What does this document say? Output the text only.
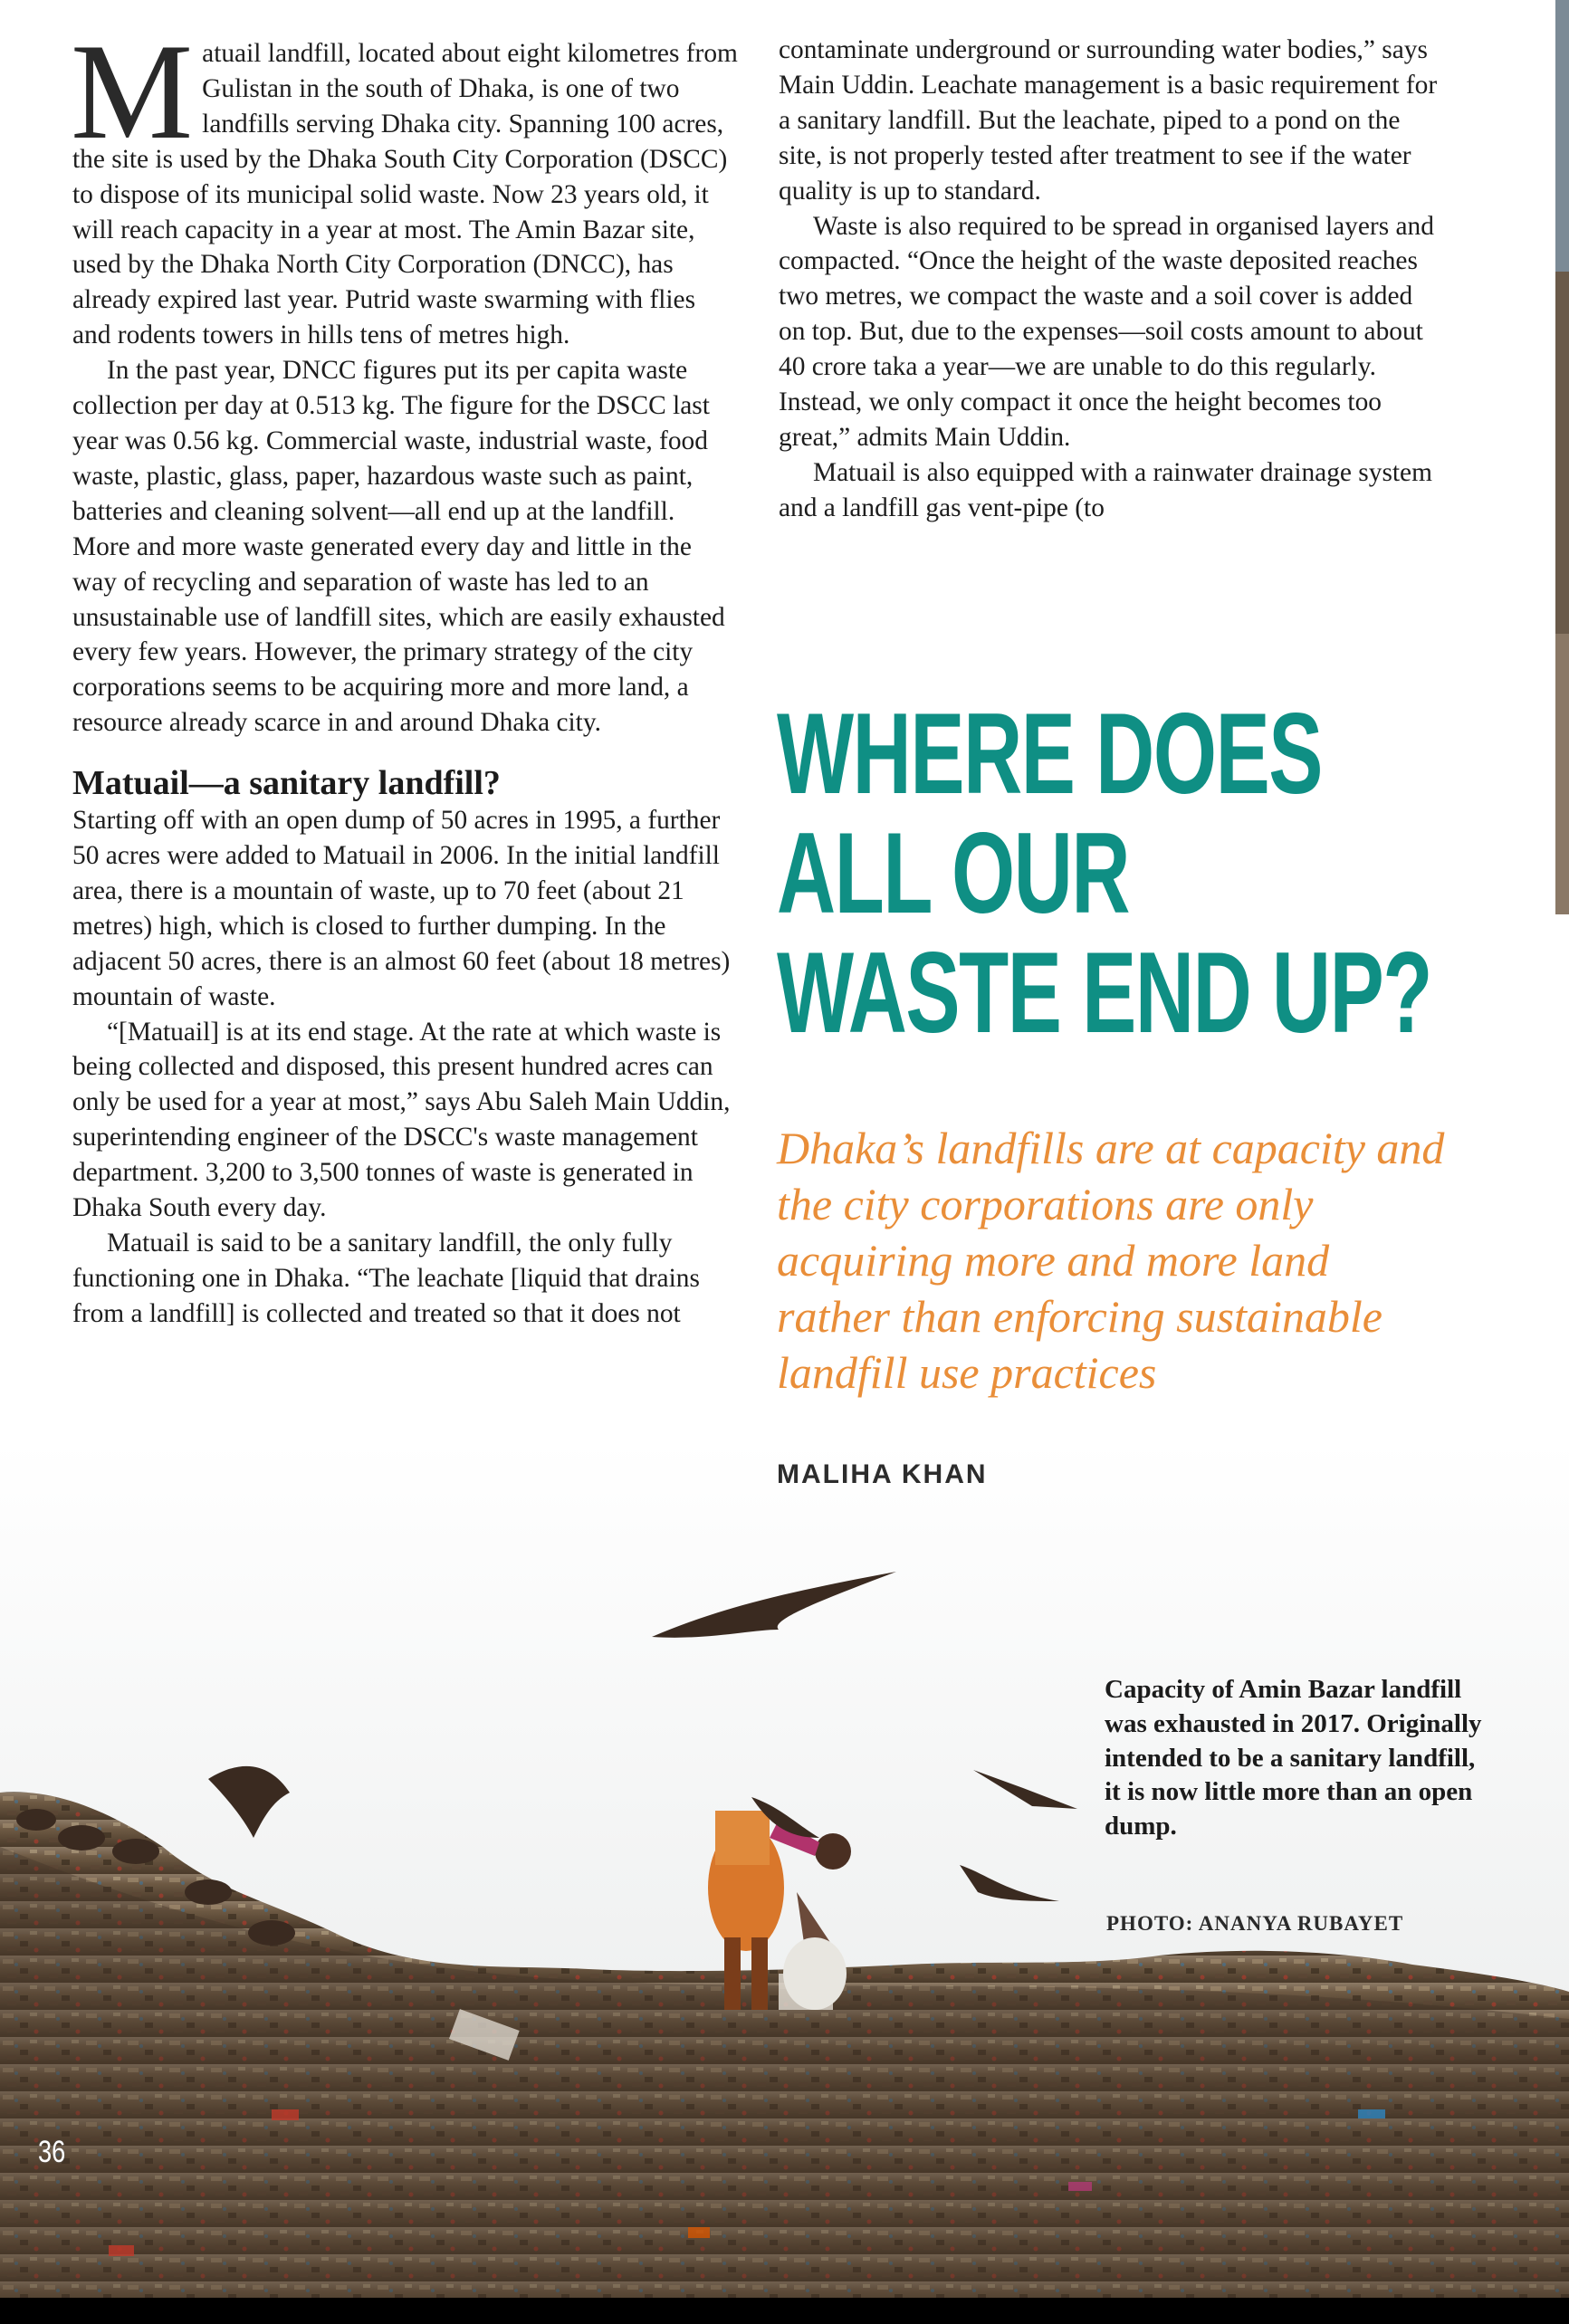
Matuail landfill, located about eight kilometres from Gulistan in the south of Dhaka, is one of two landfills serving Dhaka city. Spanning 100 acres, the site is used by the Dhaka South City Corporation (DSCC) to dispose of its municipal solid waste. Now 23 years old, it will reach capacity in a year at most. The Amin Bazar site, used by the Dhaka North City Corporation (DNCC), has already expired last year. Putrid waste swarming with flies and rodents towers in hills tens of metres high.

In the past year, DNCC figures put its per capita waste collection per day at 0.513 kg. The figure for the DSCC last year was 0.56 kg. Commercial waste, industrial waste, food waste, plastic, glass, paper, hazardous waste such as paint, batteries and cleaning solvent—all end up at the landfill. More and more waste generated every day and little in the way of recycling and separation of waste has led to an unsustainable use of landfill sites, which are easily exhausted every few years. However, the primary strategy of the city corporations seems to be acquiring more and more land, a resource already scarce in and around Dhaka city.

Matuail—a sanitary landfill?

Starting off with an open dump of 50 acres in 1995, a further 50 acres were added to Matuail in 2006. In the initial landfill area, there is a mountain of waste, up to 70 feet (about 21 metres) high, which is closed to further dumping. In the adjacent 50 acres, there is an almost 60 feet (about 18 metres) mountain of waste.

“[Matuail] is at its end stage. At the rate at which waste is being collected and disposed, this present hundred acres can only be used for a year at most,” says Abu Saleh Main Uddin, superintending engineer of the DSCC's waste management department. 3,200 to 3,500 tonnes of waste is generated in Dhaka South every day.

Matuail is said to be a sanitary landfill, the only fully functioning one in Dhaka. “The leachate [liquid that drains from a landfill] is collected and treated so that it does not

contaminate underground or surrounding water bodies,” says Main Uddin. Leachate management is a basic requirement for a sanitary landfill. But the leachate, piped to a pond on the site, is not properly tested after treatment to see if the water quality is up to standard.

Waste is also required to be spread in organised layers and compacted. “Once the height of the waste deposited reaches two metres, we compact the waste and a soil cover is added on top. But, due to the expenses—soil costs amount to about 40 crore taka a year—we are unable to do this regularly. Instead, we only compact it once the height becomes too great,” admits Main Uddin.

Matuail is also equipped with a rainwater drainage system and a landfill gas vent-pipe (to

WHERE DOES
ALL OUR
WASTE END UP?
Dhaka’s landfills are at capacity and the city corporations are only acquiring more and more land rather than enforcing sustainable landfill use practices
MALIHA KHAN
Capacity of Amin Bazar landfill was exhausted in 2017. Originally intended to be a sanitary landfill, it is now little more than an open dump.
PHOTO: ANANYA RUBAYET
36
